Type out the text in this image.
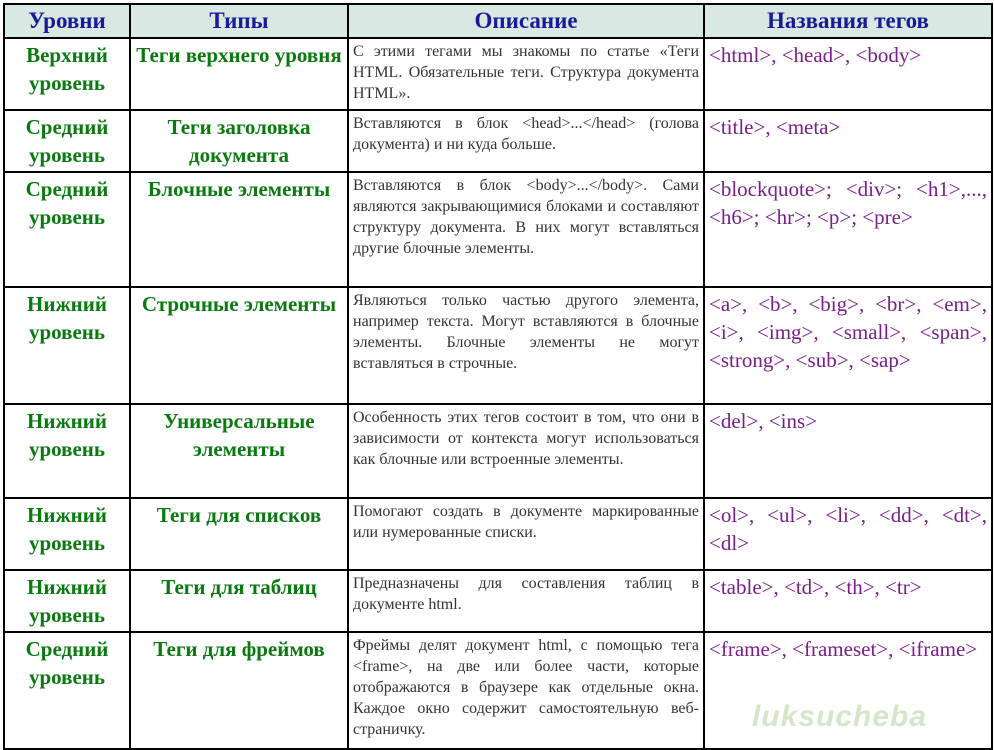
Уровни	Типы	Описание	Названия тегов
Верхний уровень	Теги верхнего уровня	С этими тегами мы знакомы по статье «Теги HTML. Обязательные теги. Структура документа HTML».	<html>, <head>, <body>
Средний уровень	Теги заголовка документа	Вставляются в блок <head>...</head> (голова документа) и ни куда больше.	<title>, <meta>
Средний уровень	Блочные элементы	Вставляются в блок <body>...</body>. Сами являются закрывающимися блоками и составляют структуру документа. В них могут вставляться другие блочные элементы.	<blockquote>; <div>; <h1>,...,<h6>; <hr>; <p>; <pre>
Нижний уровень	Строчные элементы	Являються только частью другого элемента, например текста. Могут вставляются в блочные элементы. Блочные элементы не могут вставляться в строчные.	<a>, <b>, <big>, <br>, <em>, <i>, <img>, <small>, <span>, <strong>, <sub>, <sap>
Нижний уровень	Универсальные элементы	Особенность этих тегов состоит в том, что они в зависимости от контекста могут использоваться как блочные или встроенные элементы.	<del>, <ins>
Нижний уровень	Теги для списков	Помогают создать в документе маркированные или нумерованные списки.	<ol>, <ul>, <li>, <dd>, <dt>, <dl>
Нижний уровень	Теги для таблиц	Предназначены для составления таблиц в документе html.	<table>, <td>, <th>, <tr>
Средний уровень	Теги для фреймов	Фреймы делят документ html, с помощью тега <frame>, на две или более части, которые отображаются в браузере как отдельные окна. Каждое окно содержит самостоятельную веб-страничку.	<frame>, <frameset>, <iframe>
luksucheba
